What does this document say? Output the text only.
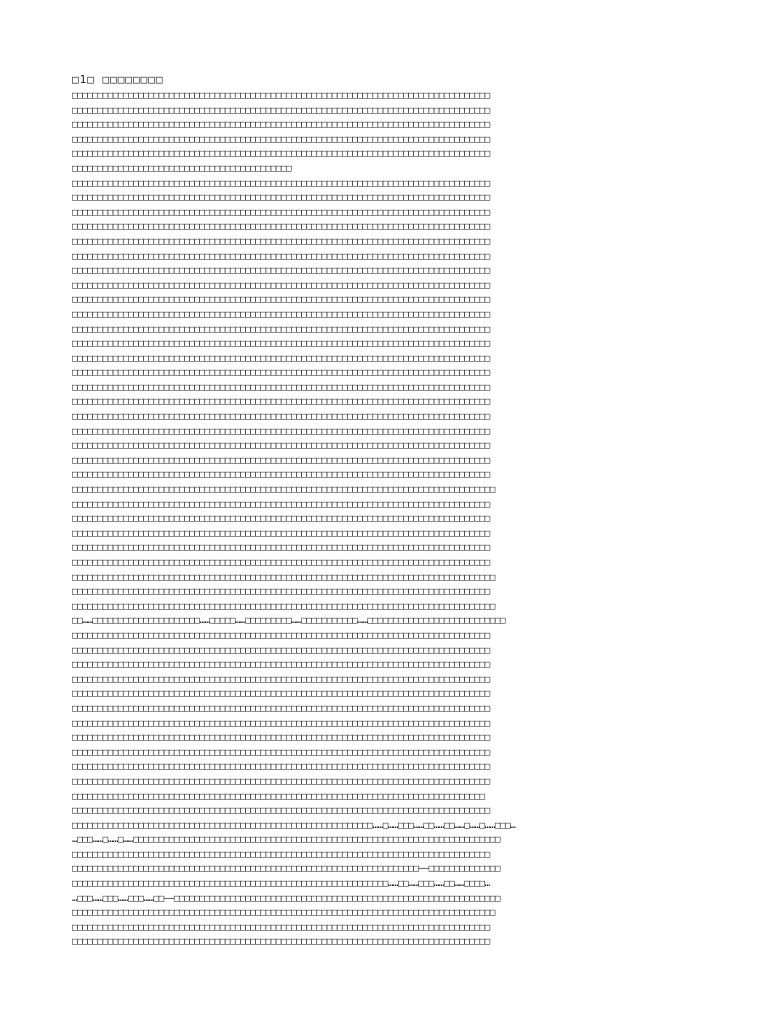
□1□ □□□□□□□□
□□□□□□□□□□□□□□□□□□□□□□□□□□□□□□□□□□□□□□□□□□□□□□□□□□□□□□□□□□□□□□□□□□□□□□□□□□□□□□□□□□
□□□□□□□□□□□□□□□□□□□□□□□□□□□□□□□□□□□□□□□□□□□□□□□□□□□□□□□□□□□□□□□□□□□□□□□□□□□□□□□□□□
□□□□□□□□□□□□□□□□□□□□□□□□□□□□□□□□□□□□□□□□□□□□□□□□□□□□□□□□□□□□□□□□□□□□□□□□□□□□□□□□□□
□□□□□□□□□□□□□□□□□□□□□□□□□□□□□□□□□□□□□□□□□□□□□□□□□□□□□□□□□□□□□□□□□□□□□□□□□□□□□□□□□□
□□□□□□□□□□□□□□□□□□□□□□□□□□□□□□□□□□□□□□□□□□□□□□□□□□□□□□□□□□□□□□□□□□□□□□□□□□□□□□□□□□
□□□□□□□□□□□□□□□□□□□□□□□□□□□□□□□□□□□□□□□□□□□
□□□□□□□□□□□□□□□□□□□□□□□□□□□□□□□□□□□□□□□□□□□□□□□□□□□□□□□□□□□□□□□□□□□□□□□□□□□□□□□□□□
□□□□□□□□□□□□□□□□□□□□□□□□□□□□□□□□□□□□□□□□□□□□□□□□□□□□□□□□□□□□□□□□□□□□□□□□□□□□□□□□□□
□□□□□□□□□□□□□□□□□□□□□□□□□□□□□□□□□□□□□□□□□□□□□□□□□□□□□□□□□□□□□□□□□□□□□□□□□□□□□□□□□□
□□□□□□□□□□□□□□□□□□□□□□□□□□□□□□□□□□□□□□□□□□□□□□□□□□□□□□□□□□□□□□□□□□□□□□□□□□□□□□□□□□
□□□□□□□□□□□□□□□□□□□□□□□□□□□□□□□□□□□□□□□□□□□□□□□□□□□□□□□□□□□□□□□□□□□□□□□□□□□□□□□□□□
□□□□□□□□□□□□□□□□□□□□□□□□□□□□□□□□□□□□□□□□□□□□□□□□□□□□□□□□□□□□□□□□□□□□□□□□□□□□□□□□□□
□□□□□□□□□□□□□□□□□□□□□□□□□□□□□□□□□□□□□□□□□□□□□□□□□□□□□□□□□□□□□□□□□□□□□□□□□□□□□□□□□□
□□□□□□□□□□□□□□□□□□□□□□□□□□□□□□□□□□□□□□□□□□□□□□□□□□□□□□□□□□□□□□□□□□□□□□□□□□□□□□□□□□
□□□□□□□□□□□□□□□□□□□□□□□□□□□□□□□□□□□□□□□□□□□□□□□□□□□□□□□□□□□□□□□□□□□□□□□□□□□□□□□□□□
□□□□□□□□□□□□□□□□□□□□□□□□□□□□□□□□□□□□□□□□□□□□□□□□□□□□□□□□□□□□□□□□□□□□□□□□□□□□□□□□□□
□□□□□□□□□□□□□□□□□□□□□□□□□□□□□□□□□□□□□□□□□□□□□□□□□□□□□□□□□□□□□□□□□□□□□□□□□□□□□□□□□□
□□□□□□□□□□□□□□□□□□□□□□□□□□□□□□□□□□□□□□□□□□□□□□□□□□□□□□□□□□□□□□□□□□□□□□□□□□□□□□□□□□
□□□□□□□□□□□□□□□□□□□□□□□□□□□□□□□□□□□□□□□□□□□□□□□□□□□□□□□□□□□□□□□□□□□□□□□□□□□□□□□□□□
□□□□□□□□□□□□□□□□□□□□□□□□□□□□□□□□□□□□□□□□□□□□□□□□□□□□□□□□□□□□□□□□□□□□□□□□□□□□□□□□□□
□□□□□□□□□□□□□□□□□□□□□□□□□□□□□□□□□□□□□□□□□□□□□□□□□□□□□□□□□□□□□□□□□□□□□□□□□□□□□□□□□□
□□□□□□□□□□□□□□□□□□□□□□□□□□□□□□□□□□□□□□□□□□□□□□□□□□□□□□□□□□□□□□□□□□□□□□□□□□□□□□□□□□
□□□□□□□□□□□□□□□□□□□□□□□□□□□□□□□□□□□□□□□□□□□□□□□□□□□□□□□□□□□□□□□□□□□□□□□□□□□□□□□□□□
□□□□□□□□□□□□□□□□□□□□□□□□□□□□□□□□□□□□□□□□□□□□□□□□□□□□□□□□□□□□□□□□□□□□□□□□□□□□□□□□□□
□□□□□□□□□□□□□□□□□□□□□□□□□□□□□□□□□□□□□□□□□□□□□□□□□□□□□□□□□□□□□□□□□□□□□□□□□□□□□□□□□□
□□□□□□□□□□□□□□□□□□□□□□□□□□□□□□□□□□□□□□□□□□□□□□□□□□□□□□□□□□□□□□□□□□□□□□□□□□□□□□□□□□
□□□□□□□□□□□□□□□□□□□□□□□□□□□□□□□□□□□□□□□□□□□□□□□□□□□□□□□□□□□□□□□□□□□□□□□□□□□□□□□□□□
□□□□□□□□□□□□□□□□□□□□□□□□□□□□□□□□□□□□□□□□□□□□□□□□□□□□□□□□□□□□□□□□□□□□□□□□□□□□□□□□□□□
□□□□□□□□□□□□□□□□□□□□□□□□□□□□□□□□□□□□□□□□□□□□□□□□□□□□□□□□□□□□□□□□□□□□□□□□□□□□□□□□□□
□□□□□□□□□□□□□□□□□□□□□□□□□□□□□□□□□□□□□□□□□□□□□□□□□□□□□□□□□□□□□□□□□□□□□□□□□□□□□□□□□□
□□□□□□□□□□□□□□□□□□□□□□□□□□□□□□□□□□□□□□□□□□□□□□□□□□□□□□□□□□□□□□□□□□□□□□□□□□□□□□□□□□
□□□□□□□□□□□□□□□□□□□□□□□□□□□□□□□□□□□□□□□□□□□□□□□□□□□□□□□□□□□□□□□□□□□□□□□□□□□□□□□□□□
□□□□□□□□□□□□□□□□□□□□□□□□□□□□□□□□□□□□□□□□□□□□□□□□□□□□□□□□□□□□□□□□□□□□□□□□□□□□□□□□□□
□□□□□□□□□□□□□□□□□□□□□□□□□□□□□□□□□□□□□□□□□□□□□□□□□□□□□□□□□□□□□□□□□□□□□□□□□□□□□□□□□□□
□□□□□□□□□□□□□□□□□□□□□□□□□□□□□□□□□□□□□□□□□□□□□□□□□□□□□□□□□□□□□□□□□□□□□□□□□□□□□□□□□□
□□□□□□□□□□□□□□□□□□□□□□□□□□□□□□□□□□□□□□□□□□□□□□□□□□□□□□□□□□□□□□□□□□□□□□□□□□□□□□□□□□□
□□……□□□□□□□□□□□□□□□□□□□□□……□□□□□……□□□□□□□□□……□□□□□□□□□□□……□□□□□□□□□□□□□□□□□□□□□□□□□□□
□□□□□□□□□□□□□□□□□□□□□□□□□□□□□□□□□□□□□□□□□□□□□□□□□□□□□□□□□□□□□□□□□□□□□□□□□□□□□□□□□□
□□□□□□□□□□□□□□□□□□□□□□□□□□□□□□□□□□□□□□□□□□□□□□□□□□□□□□□□□□□□□□□□□□□□□□□□□□□□□□□□□□
□□□□□□□□□□□□□□□□□□□□□□□□□□□□□□□□□□□□□□□□□□□□□□□□□□□□□□□□□□□□□□□□□□□□□□□□□□□□□□□□□□
□□□□□□□□□□□□□□□□□□□□□□□□□□□□□□□□□□□□□□□□□□□□□□□□□□□□□□□□□□□□□□□□□□□□□□□□□□□□□□□□□□
□□□□□□□□□□□□□□□□□□□□□□□□□□□□□□□□□□□□□□□□□□□□□□□□□□□□□□□□□□□□□□□□□□□□□□□□□□□□□□□□□□
□□□□□□□□□□□□□□□□□□□□□□□□□□□□□□□□□□□□□□□□□□□□□□□□□□□□□□□□□□□□□□□□□□□□□□□□□□□□□□□□□□
□□□□□□□□□□□□□□□□□□□□□□□□□□□□□□□□□□□□□□□□□□□□□□□□□□□□□□□□□□□□□□□□□□□□□□□□□□□□□□□□□□
□□□□□□□□□□□□□□□□□□□□□□□□□□□□□□□□□□□□□□□□□□□□□□□□□□□□□□□□□□□□□□□□□□□□□□□□□□□□□□□□□□
□□□□□□□□□□□□□□□□□□□□□□□□□□□□□□□□□□□□□□□□□□□□□□□□□□□□□□□□□□□□□□□□□□□□□□□□□□□□□□□□□□
□□□□□□□□□□□□□□□□□□□□□□□□□□□□□□□□□□□□□□□□□□□□□□□□□□□□□□□□□□□□□□□□□□□□□□□□□□□□□□□□□□
□□□□□□□□□□□□□□□□□□□□□□□□□□□□□□□□□□□□□□□□□□□□□□□□□□□□□□□□□□□□□□□□□□□□□□□□□□□□□□□□□□
□□□□□□□□□□□□□□□□□□□□□□□□□□□□□□□□□□□□□□□□□□□□□□□□□□□□□□□□□□□□□□□□□□□□□□□□□□□□□□□□□
□□□□□□□□□□□□□□□□□□□□□□□□□□□□□□□□□□□□□□□□□□□□□□□□□□□□□□□□□□□□□□□□□□□□□□□□□□□□□□□□□□
□□□□□□□□□□□□□□□□□□□□□□□□□□□□□□□□□□□□□□□□□□□□□□□□□□□□□□□□□□□……□……□□□……□□……□□……□……□……□□□…
…□□□……□……□……□□□□□□□□□□□□□□□□□□□□□□□□□□□□□□□□□□□□□□□□□□□□□□□□□□□□□□□□□□□□□□□□□□□□□□□□
□□□□□□□□□□□□□□□□□□□□□□□□□□□□□□□□□□□□□□□□□□□□□□□□□□□□□□□□□□□□□□□□□□□□□□□□□□□□□□□□□□
□□□□□□□□□□□□□□□□□□□□□□□□□□□□□□□□□□□□□□□□□□□□□□□□□□□□□□□□□□□□□□□□□□□□——□□□□□□□□□□□□□□
□□□□□□□□□□□□□□□□□□□□□□□□□□□□□□□□□□□□□□□□□□□□□□□□□□□□□□□□□□□□□□……□□……□□□……□□……□□□□…
…□□□……□□□……□□□……□□——□□□□□□□□□□□□□□□□□□□□□□□□□□□□□□□□□□□□□□□□□□□□□□□□□□□□□□□□□□□□□□□□
□□□□□□□□□□□□□□□□□□□□□□□□□□□□□□□□□□□□□□□□□□□□□□□□□□□□□□□□□□□□□□□□□□□□□□□□□□□□□□□□□□□
□□□□□□□□□□□□□□□□□□□□□□□□□□□□□□□□□□□□□□□□□□□□□□□□□□□□□□□□□□□□□□□□□□□□□□□□□□□□□□□□□□
□□□□□□□□□□□□□□□□□□□□□□□□□□□□□□□□□□□□□□□□□□□□□□□□□□□□□□□□□□□□□□□□□□□□□□□□□□□□□□□□□□
